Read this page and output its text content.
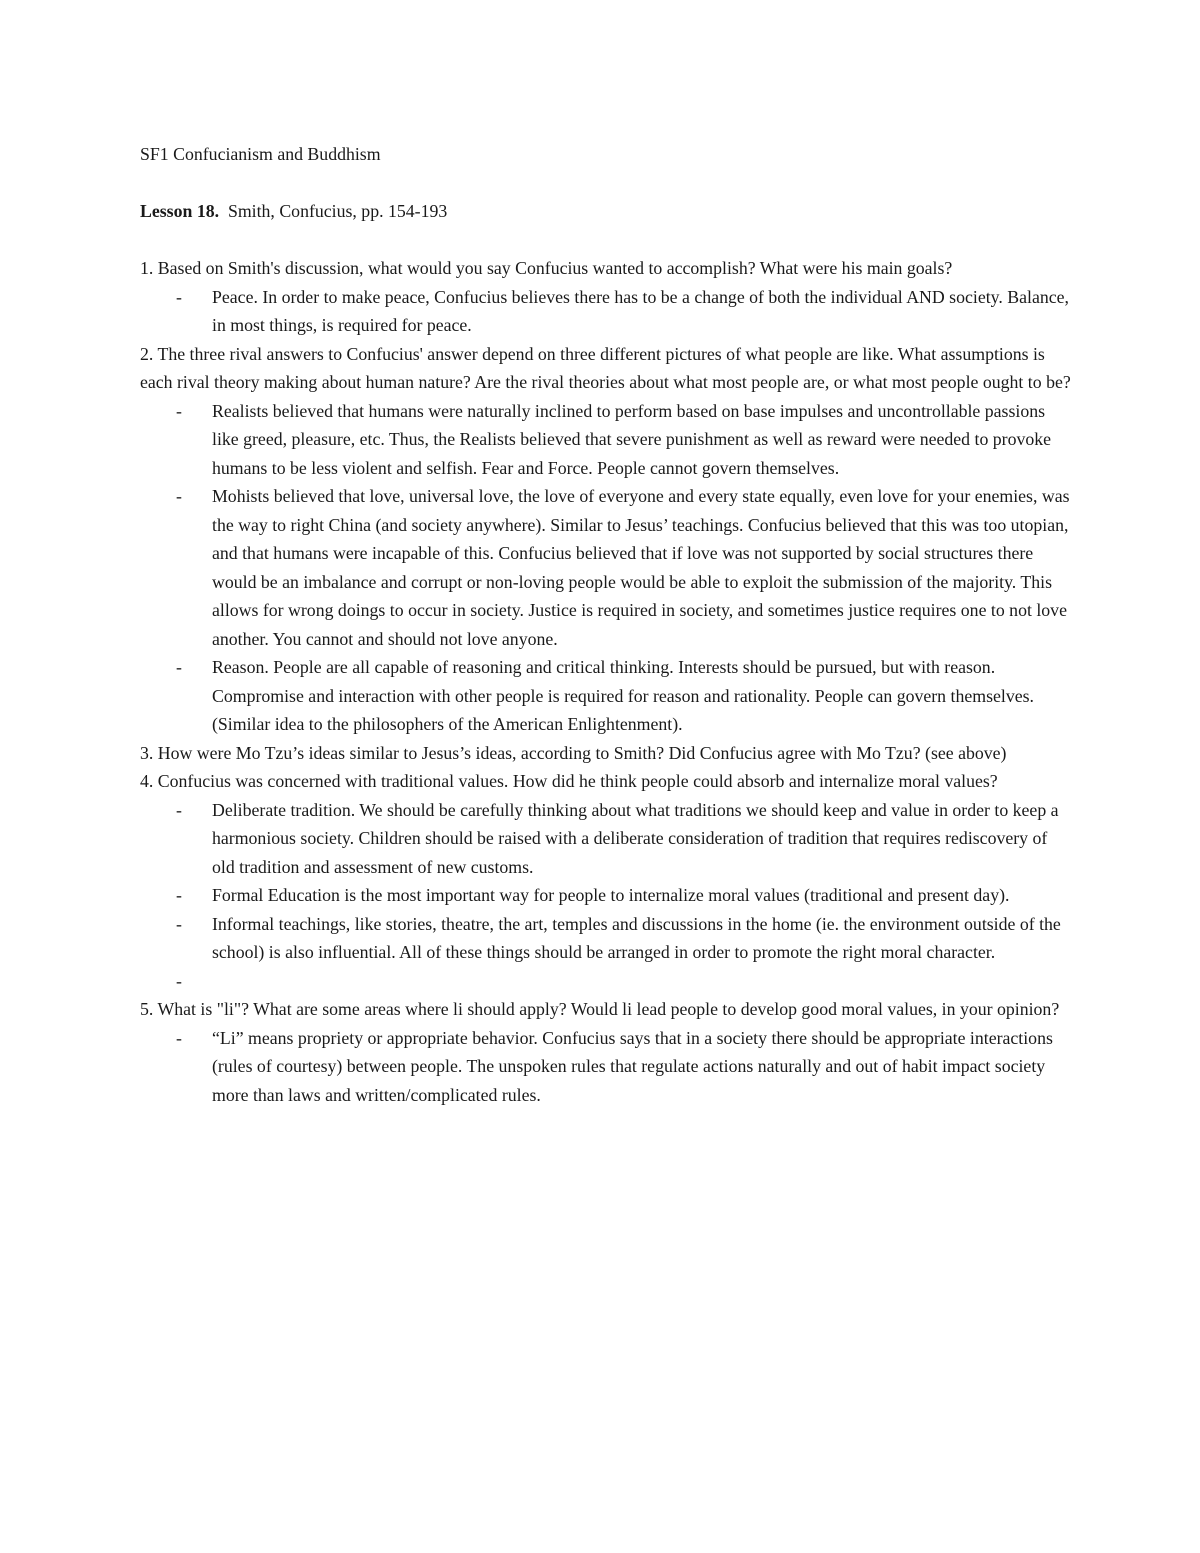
SF1 Confucianism and Buddhism
Lesson 18. Smith, Confucius, pp. 154-193
1. Based on Smith's discussion, what would you say Confucius wanted to accomplish? What were his main goals?
- Peace. In order to make peace, Confucius believes there has to be a change of both the individual AND society. Balance, in most things, is required for peace.
2. The three rival answers to Confucius' answer depend on three different pictures of what people are like. What assumptions is each rival theory making about human nature? Are the rival theories about what most people are, or what most people ought to be?
- Realists believed that humans were naturally inclined to perform based on base impulses and uncontrollable passions like greed, pleasure, etc. Thus, the Realists believed that severe punishment as well as reward were needed to provoke humans to be less violent and selfish. Fear and Force. People cannot govern themselves.
- Mohists believed that love, universal love, the love of everyone and every state equally, even love for your enemies, was the way to right China (and society anywhere). Similar to Jesus’ teachings. Confucius believed that this was too utopian, and that humans were incapable of this. Confucius believed that if love was not supported by social structures there would be an imbalance and corrupt or non-loving people would be able to exploit the submission of the majority. This allows for wrong doings to occur in society. Justice is required in society, and sometimes justice requires one to not love another. You cannot and should not love anyone.
- Reason. People are all capable of reasoning and critical thinking. Interests should be pursued, but with reason. Compromise and interaction with other people is required for reason and rationality. People can govern themselves. (Similar idea to the philosophers of the American Enlightenment).
3. How were Mo Tzu’s ideas similar to Jesus’s ideas, according to Smith? Did Confucius agree with Mo Tzu? (see above)
4. Confucius was concerned with traditional values. How did he think people could absorb and internalize moral values?
- Deliberate tradition. We should be carefully thinking about what traditions we should keep and value in order to keep a harmonious society. Children should be raised with a deliberate consideration of tradition that requires rediscovery of old tradition and assessment of new customs.
- Formal Education is the most important way for people to internalize moral values (traditional and present day).
- Informal teachings, like stories, theatre, the art, temples and discussions in the home (ie. the environment outside of the school) is also influential. All of these things should be arranged in order to promote the right moral character.
-
5. What is "li"? What are some areas where li should apply? Would li lead people to develop good moral values, in your opinion?
- “Li” means propriety or appropriate behavior. Confucius says that in a society there should be appropriate interactions (rules of courtesy) between people. The unspoken rules that regulate actions naturally and out of habit impact society more than laws and written/complicated rules.
